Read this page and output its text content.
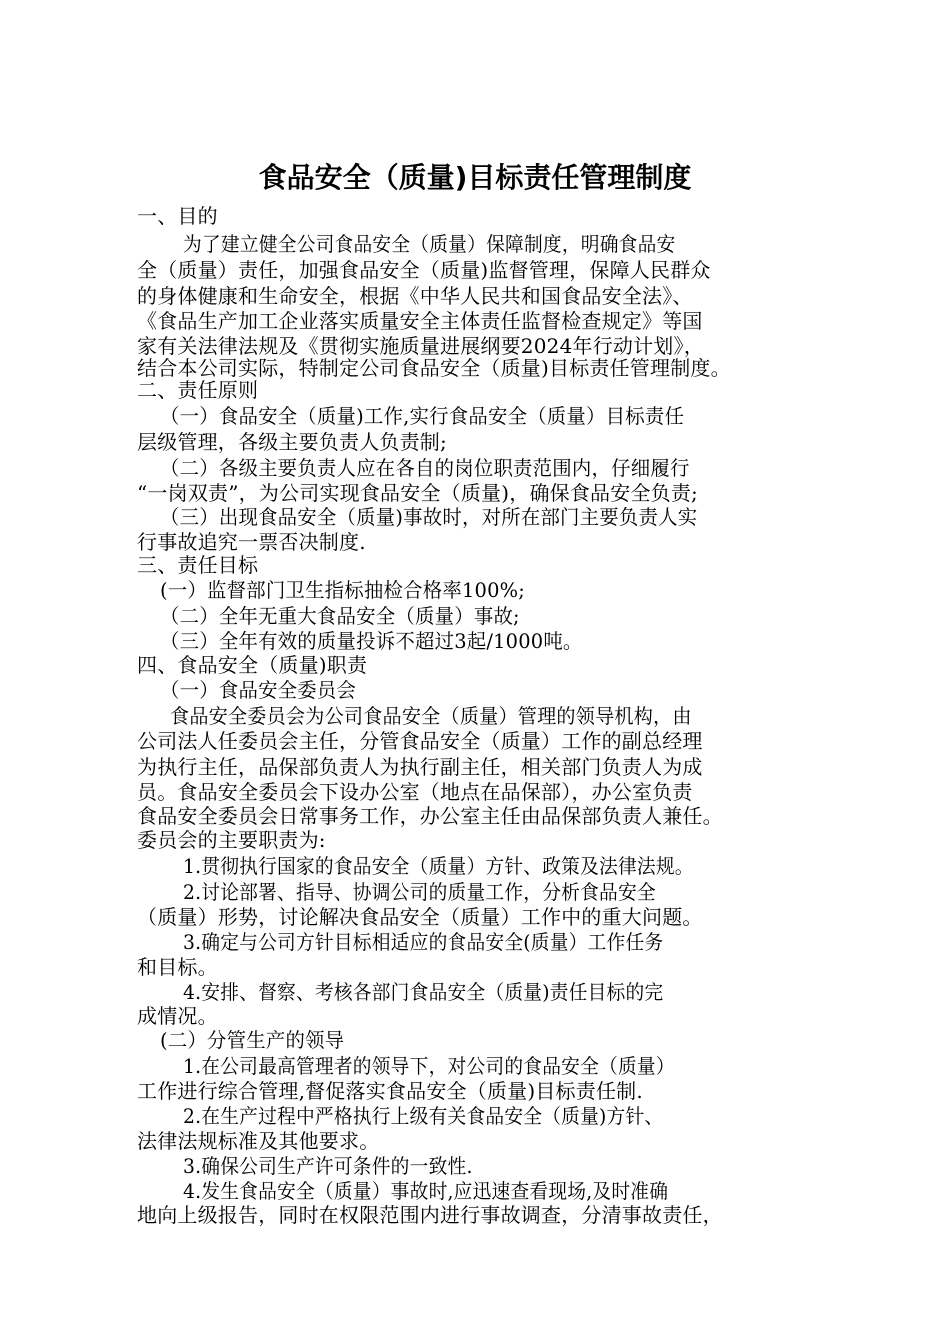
食品安全（质量)目标责任管理制度
一、目的
为了建立健全公司食品安全（质量）保障制度，明确食品安
全（质量）责任，加强食品安全（质量)监督管理，保障人民群众
的身体健康和生命安全，根据《中华人民共和国食品安全法》、
《食品生产加工企业落实质量安全主体责任监督检查规定》等国
家有关法律法规及《贯彻实施质量进展纲要2024年行动计划》，
结合本公司实际，特制定公司食品安全（质量)目标责任管理制度。
二、责任原则
（一）食品安全（质量)工作,实行食品安全（质量）目标责任
层级管理，各级主要负责人负责制;
（二）各级主要负责人应在各自的岗位职责范围内，仔细履行
“一岗双责”，为公司实现食品安全（质量)，确保食品安全负责;
（三）出现食品安全（质量)事故时，对所在部门主要负责人实
行事故追究一票否决制度.
三、责任目标
(一）监督部门卫生指标抽检合格率100%;
（二）全年无重大食品安全（质量）事故;
（三）全年有效的质量投诉不超过3起/1000吨。
四、食品安全（质量)职责
（一）食品安全委员会
食品安全委员会为公司食品安全（质量）管理的领导机构，由
公司法人任委员会主任，分管食品安全（质量）工作的副总经理
为执行主任，品保部负责人为执行副主任，相关部门负责人为成
员。食品安全委员会下设办公室（地点在品保部），办公室负责
食品安全委员会日常事务工作，办公室主任由品保部负责人兼任。
委员会的主要职责为:
1.贯彻执行国家的食品安全（质量）方针、政策及法律法规。
2.讨论部署、指导、协调公司的质量工作，分析食品安全
（质量）形势，讨论解决食品安全（质量）工作中的重大问题。
3.确定与公司方针目标相适应的食品安全(质量）工作任务
和目标。
4.安排、督察、考核各部门食品安全（质量)责任目标的完
成情况。
(二）分管生产的领导
1.在公司最高管理者的领导下，对公司的食品安全（质量）
工作进行综合管理,督促落实食品安全（质量)目标责任制.
2.在生产过程中严格执行上级有关食品安全（质量)方针、
法律法规标准及其他要求。
3.确保公司生产许可条件的一致性.
4.发生食品安全（质量）事故时,应迅速查看现场,及时准确
地向上级报告，同时在权限范围内进行事故调查，分清事故责任，
